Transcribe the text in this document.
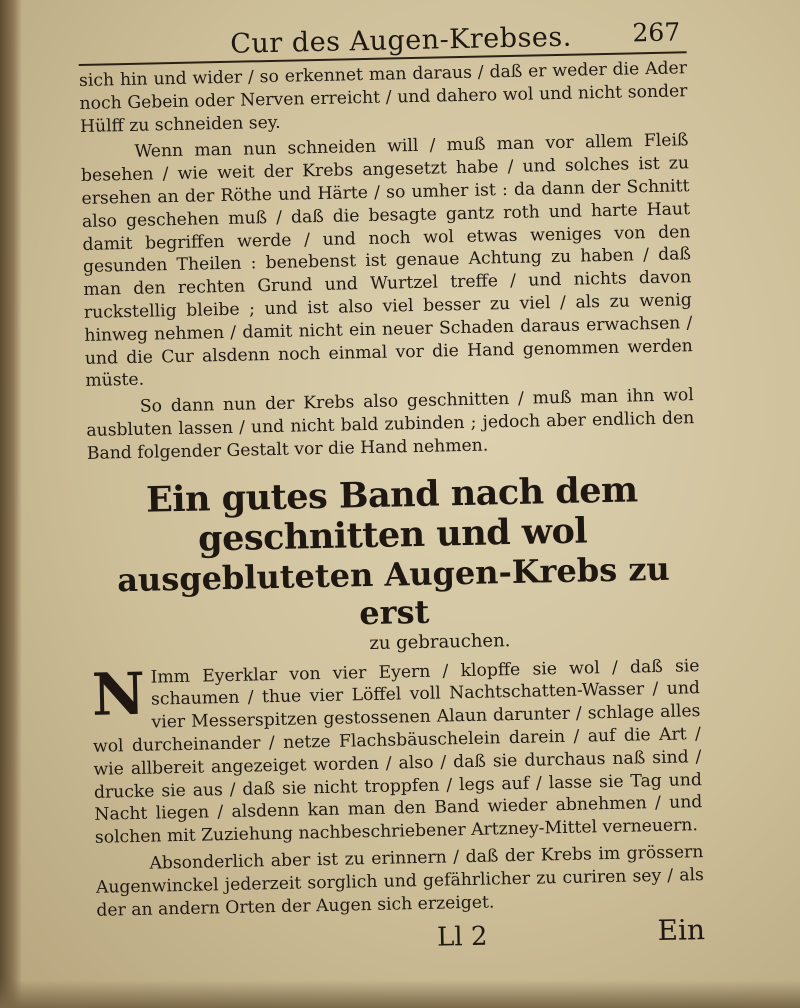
Cur des Augen-Krebses. 267

sich hin und wider / so erkennet man daraus / daß er weder die Ader noch Gebein oder Nerven erreicht / und dahero wol und nicht sonder Hülff zu schneiden sey.

Wenn man nun schneiden will / muß man vor allem Fleiß besehen / wie weit der Krebs angesetzt habe / und solches ist zu ersehen an der Röthe und Härte / so umher ist : da dann der Schnitt also geschehen muß / daß die besagte gantz roth und harte Haut damit begriffen werde / und noch wol etwas weniges von den gesunden Theilen : benebenst ist genaue Achtung zu haben / daß man den rechten Grund und Wurtzel treffe / und nichts davon ruckstellig bleibe ; und ist also viel besser zu viel / als zu wenig hinweg nehmen / damit nicht ein neuer Schaden daraus erwachsen / und die Cur alsdenn noch einmal vor die Hand genommen werden müste.

So dann nun der Krebs also geschnitten / muß man ihn wol ausbluten lassen / und nicht bald zubinden ; jedoch aber endlich den Band folgender Gestalt vor die Hand nehmen.

Ein gutes Band nach dem geschnitten und wol
ausgebluteten Augen-Krebs zu erst
zu gebrauchen.

N Imm Eyerklar von vier Eyern / klopffe sie wol / daß sie schaumen / thue vier Löffel voll Nachtschatten-Wasser / und vier Messerspitzen gestossenen Alaun darunter / schlage alles wol durcheinander / netze Flachsbäuschelein darein / auf die Art / wie allbereit angezeiget worden / also / daß sie durchaus naß sind / drucke sie aus / daß sie nicht troppfen / legs auf / lasse sie Tag und Nacht liegen / alsdenn kan man den Band wieder abnehmen / und solchen mit Zuziehung nachbeschriebener Artzney-Mittel verneuern.

Absonderlich aber ist zu erinnern / daß der Krebs im grössern Augenwinckel jederzeit sorglich und gefährlicher zu curiren sey / als der an andern Orten der Augen sich erzeiget.

Ll 2	Ein
